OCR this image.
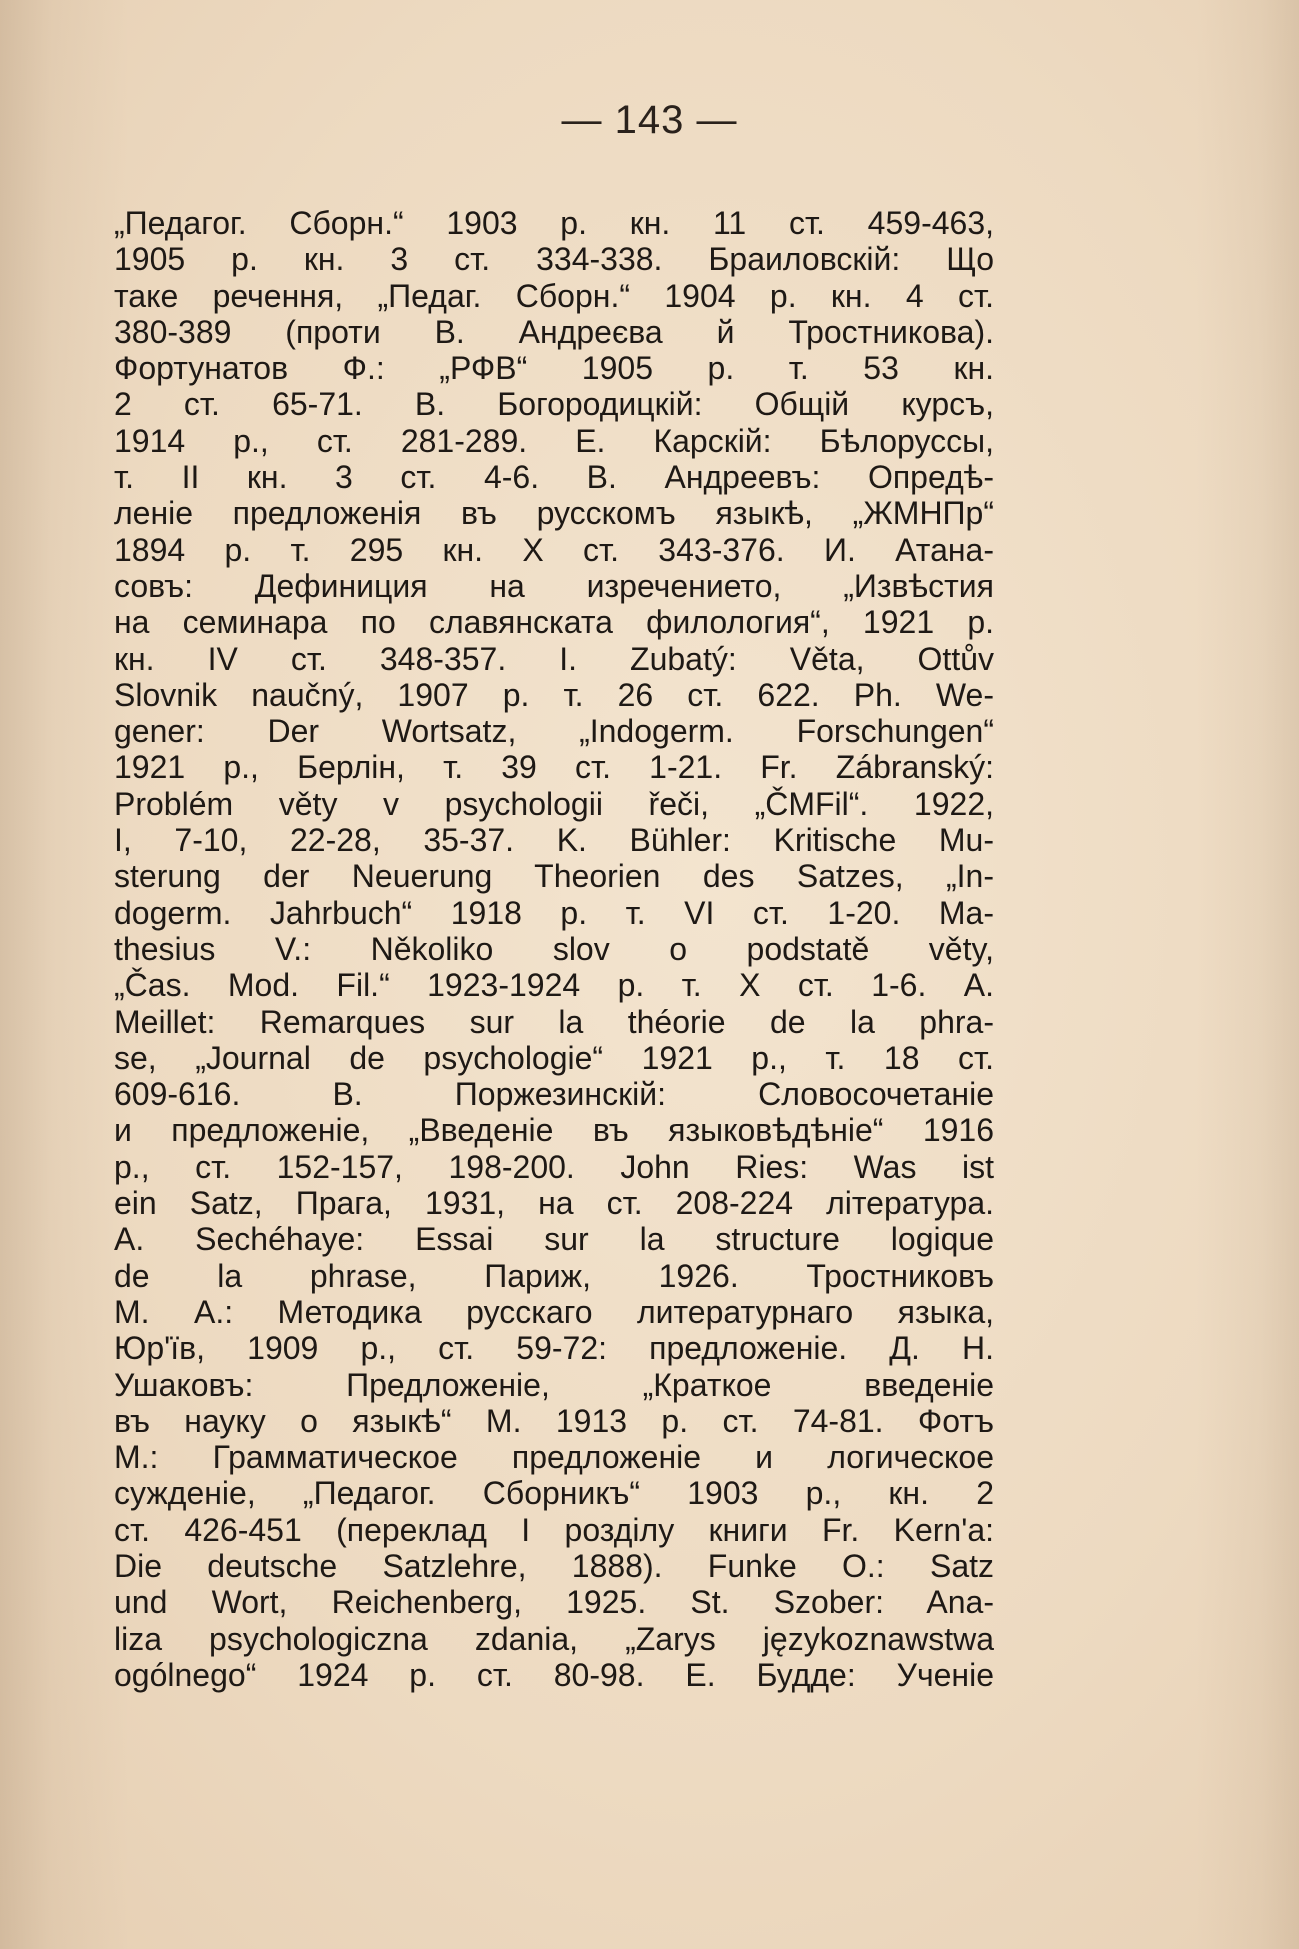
— 143 —
„Педагог. Сборн.“ 1903 р. кн. 11 ст. 459-463,
1905 р. кн. 3 ст. 334-338. Браиловскій: Що
таке речення, „Педаг. Сборн.“ 1904 р. кн. 4 ст.
380-389 (проти В. Андреєва й Тростникова).
Фортунатов Ф.: „РФВ“ 1905 р. т. 53 кн.
2 ст. 65-71. В. Богородицкій: Общій курсъ,
1914 р., ст. 281-289. Е. Карскій: Бѣлоруссы,
т. II кн. 3 ст. 4-6. В. Андреевъ: Опредѣ-
леніе предложенія въ русскомъ языкѣ, „ЖМНПр“
1894 р. т. 295 кн. X ст. 343-376. И. Атана-
совъ: Дефиниция на изречението, „Извѣстия
на семинара по славянската филология“, 1921 р.
кн. IV ст. 348-357. I. Zubatý: Věta, Ottův
Slovnik naučný, 1907 р. т. 26 ст. 622. Ph. We-
gener: Der Wortsatz, „Indogerm. Forschungen“
1921 р., Берлін, т. 39 ст. 1-21. Fr. Zábranský:
Problém věty v psychologii řeči, „ČMFil“. 1922,
I, 7-10, 22-28, 35-37. K. Bühler: Kritische Mu-
sterung der Neuerung Theorien des Satzes, „In-
dogerm. Jahrbuch“ 1918 р. т. VI ст. 1-20. Ma-
thesius V.: Několiko slov o podstatě věty,
„Čas. Mod. Fil.“ 1923-1924 р. т. X ст. 1-6. A.
Meillet: Remarques sur la théorie de la phra-
se, „Journal de psychologie“ 1921 р., т. 18 ст.
609-616. В. Поржезинскій: Словосочетаніе
и предложеніе, „Введеніе въ языковѣдѣніе“ 1916
р., ст. 152-157, 198-200. John Ries: Was ist
ein Satz, Прага, 1931, на ст. 208-224 література.
A. Sechéhaye: Essai sur la structure logique
de la phrase, Париж, 1926. Тростниковъ
М. А.: Методика русскаго литературнаго языка,
Юр'їв, 1909 р., ст. 59-72: предложеніе. Д. Н.
Ушаковъ: Предложеніе, „Краткое введеніе
въ науку о языкѣ“ М. 1913 р. ст. 74-81. Фотъ
М.: Грамматическое предложеніе и логическое
сужденіе, „Педагог. Сборникъ“ 1903 р., кн. 2
ст. 426-451 (переклад I розділу книги Fr. Kern'a:
Die deutsche Satzlehre, 1888). Funke O.: Satz
und Wort, Reichenberg, 1925. St. Szober: Ana-
liza psychologiczna zdania, „Zarys językoznawstwa
ogólnego“ 1924 р. ст. 80-98. Е. Будде: Ученіе
